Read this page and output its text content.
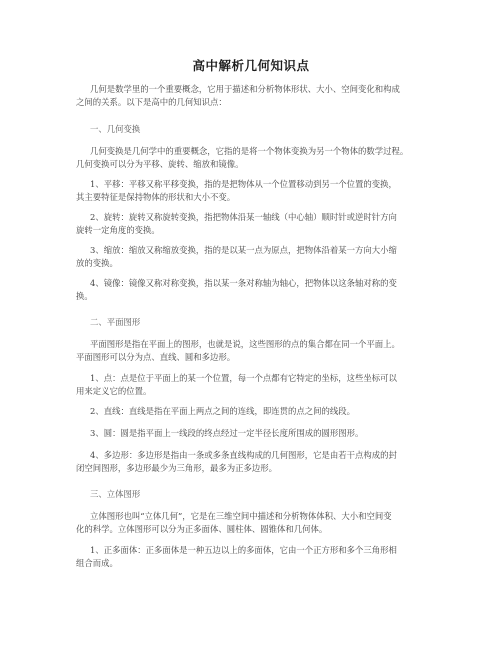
高中解析几何知识点
几何是数学里的一个重要概念，它用于描述和分析物体形状、大小、空间变化和构成
之间的关系。以下是高中的几何知识点：
一、几何变换
几何变换是几何学中的重要概念，它指的是将一个物体变换为另一个物体的数学过程。
几何变换可以分为平移、旋转、缩放和镜像。
1、平移：平移又称平移变换，指的是把物体从一个位置移动到另一个位置的变换，
其主要特征是保持物体的形状和大小不变。
2、旋转：旋转又称旋转变换，指把物体沿某一轴线（中心轴）顺时针或逆时针方向
旋转一定角度的变换。
3、缩放：缩放又称缩放变换，指的是以某一点为原点，把物体沿着某一方向大小缩
放的变换。
4、镜像：镜像又称对称变换，指以某一条对称轴为轴心，把物体以这条轴对称的变
换。
二、平面图形
平面图形是指在平面上的图形，也就是说，这些图形的点的集合都在同一个平面上。
平面图形可以分为点、直线、圆和多边形。
1、点：点是位于平面上的某一个位置，每一个点都有它特定的坐标，这些坐标可以
用来定义它的位置。
2、直线：直线是指在平面上两点之间的连线，即连贯的点之间的线段。
3、圆：圆是指平面上一线段的终点经过一定半径长度所围成的圆形图形。
4、多边形：多边形是指由一条或多条直线构成的几何图形，它是由若干点构成的封
闭空间图形，多边形最少为三角形，最多为正多边形。
三、立体图形
立体图形也叫“立体几何”，它是在三维空间中描述和分析物体体积、大小和空间变
化的科学。立体图形可以分为正多面体、圆柱体、圆锥体和几何体。
1、正多面体：正多面体是一种五边以上的多面体，它由一个正方形和多个三角形相
组合而成。
